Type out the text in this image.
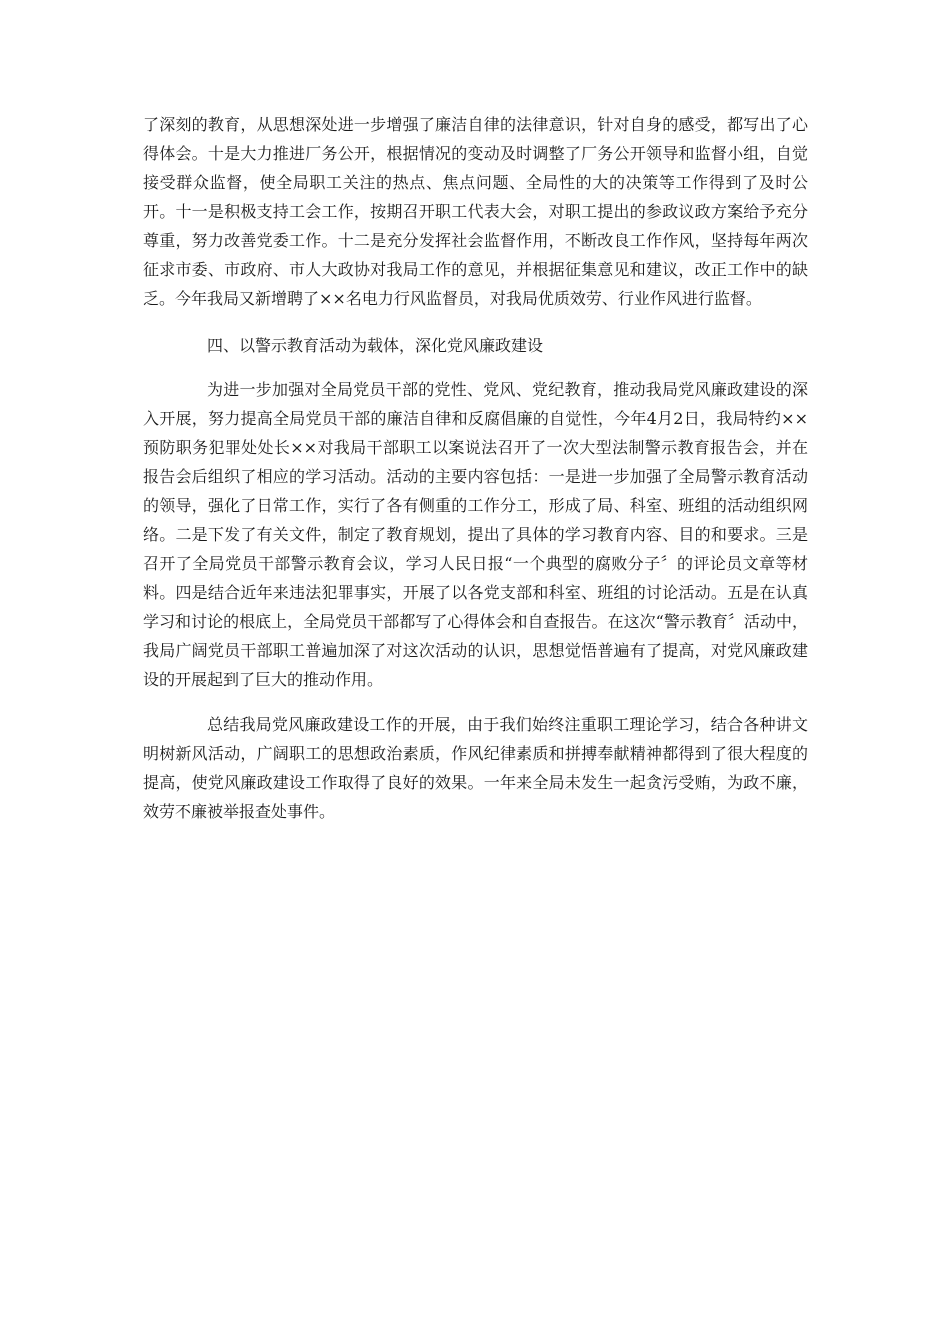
了深刻的教育，从思想深处进一步增强了廉洁自律的法律意识，针对自身的感受，都写出了心得体会。十是大力推进厂务公开，根据情况的变动及时调整了厂务公开领导和监督小组，自觉接受群众监督，使全局职工关注的热点、焦点问题、全局性的大的决策等工作得到了及时公开。十一是积极支持工会工作，按期召开职工代表大会，对职工提出的参政议政方案给予充分尊重，努力改善党委工作。十二是充分发挥社会监督作用，不断改良工作作风，坚持每年两次征求市委、市政府、市人大政协对我局工作的意见，并根据征集意见和建议，改正工作中的缺乏。今年我局又新增聘了××名电力行风监督员，对我局优质效劳、行业作风进行监督。

四、以警示教育活动为载体，深化党风廉政建设

为进一步加强对全局党员干部的党性、党风、党纪教育，推动我局党风廉政建设的深入开展，努力提高全局党员干部的廉洁自律和反腐倡廉的自觉性，今年4月2日，我局特约××预防职务犯罪处处长××对我局干部职工以案说法召开了一次大型法制警示教育报告会，并在报告会后组织了相应的学习活动。活动的主要内容包括：一是进一步加强了全局警示教育活动的领导，强化了日常工作，实行了各有侧重的工作分工，形成了局、科室、班组的活动组织网络。二是下发了有关文件，制定了教育规划，提出了具体的学习教育内容、目的和要求。三是召开了全局党员干部警示教育会议，学习人民日报“一个典型的腐败分子〞的评论员文章等材料。四是结合近年来违法犯罪事实，开展了以各党支部和科室、班组的讨论活动。五是在认真学习和讨论的根底上，全局党员干部都写了心得体会和自查报告。在这次“警示教育〞活动中，我局广阔党员干部职工普遍加深了对这次活动的认识，思想觉悟普遍有了提高，对党风廉政建设的开展起到了巨大的推动作用。

总结我局党风廉政建设工作的开展，由于我们始终注重职工理论学习，结合各种讲文明树新风活动，广阔职工的思想政治素质，作风纪律素质和拼搏奉献精神都得到了很大程度的提高，使党风廉政建设工作取得了良好的效果。一年来全局未发生一起贪污受贿，为政不廉，效劳不廉被举报查处事件。
